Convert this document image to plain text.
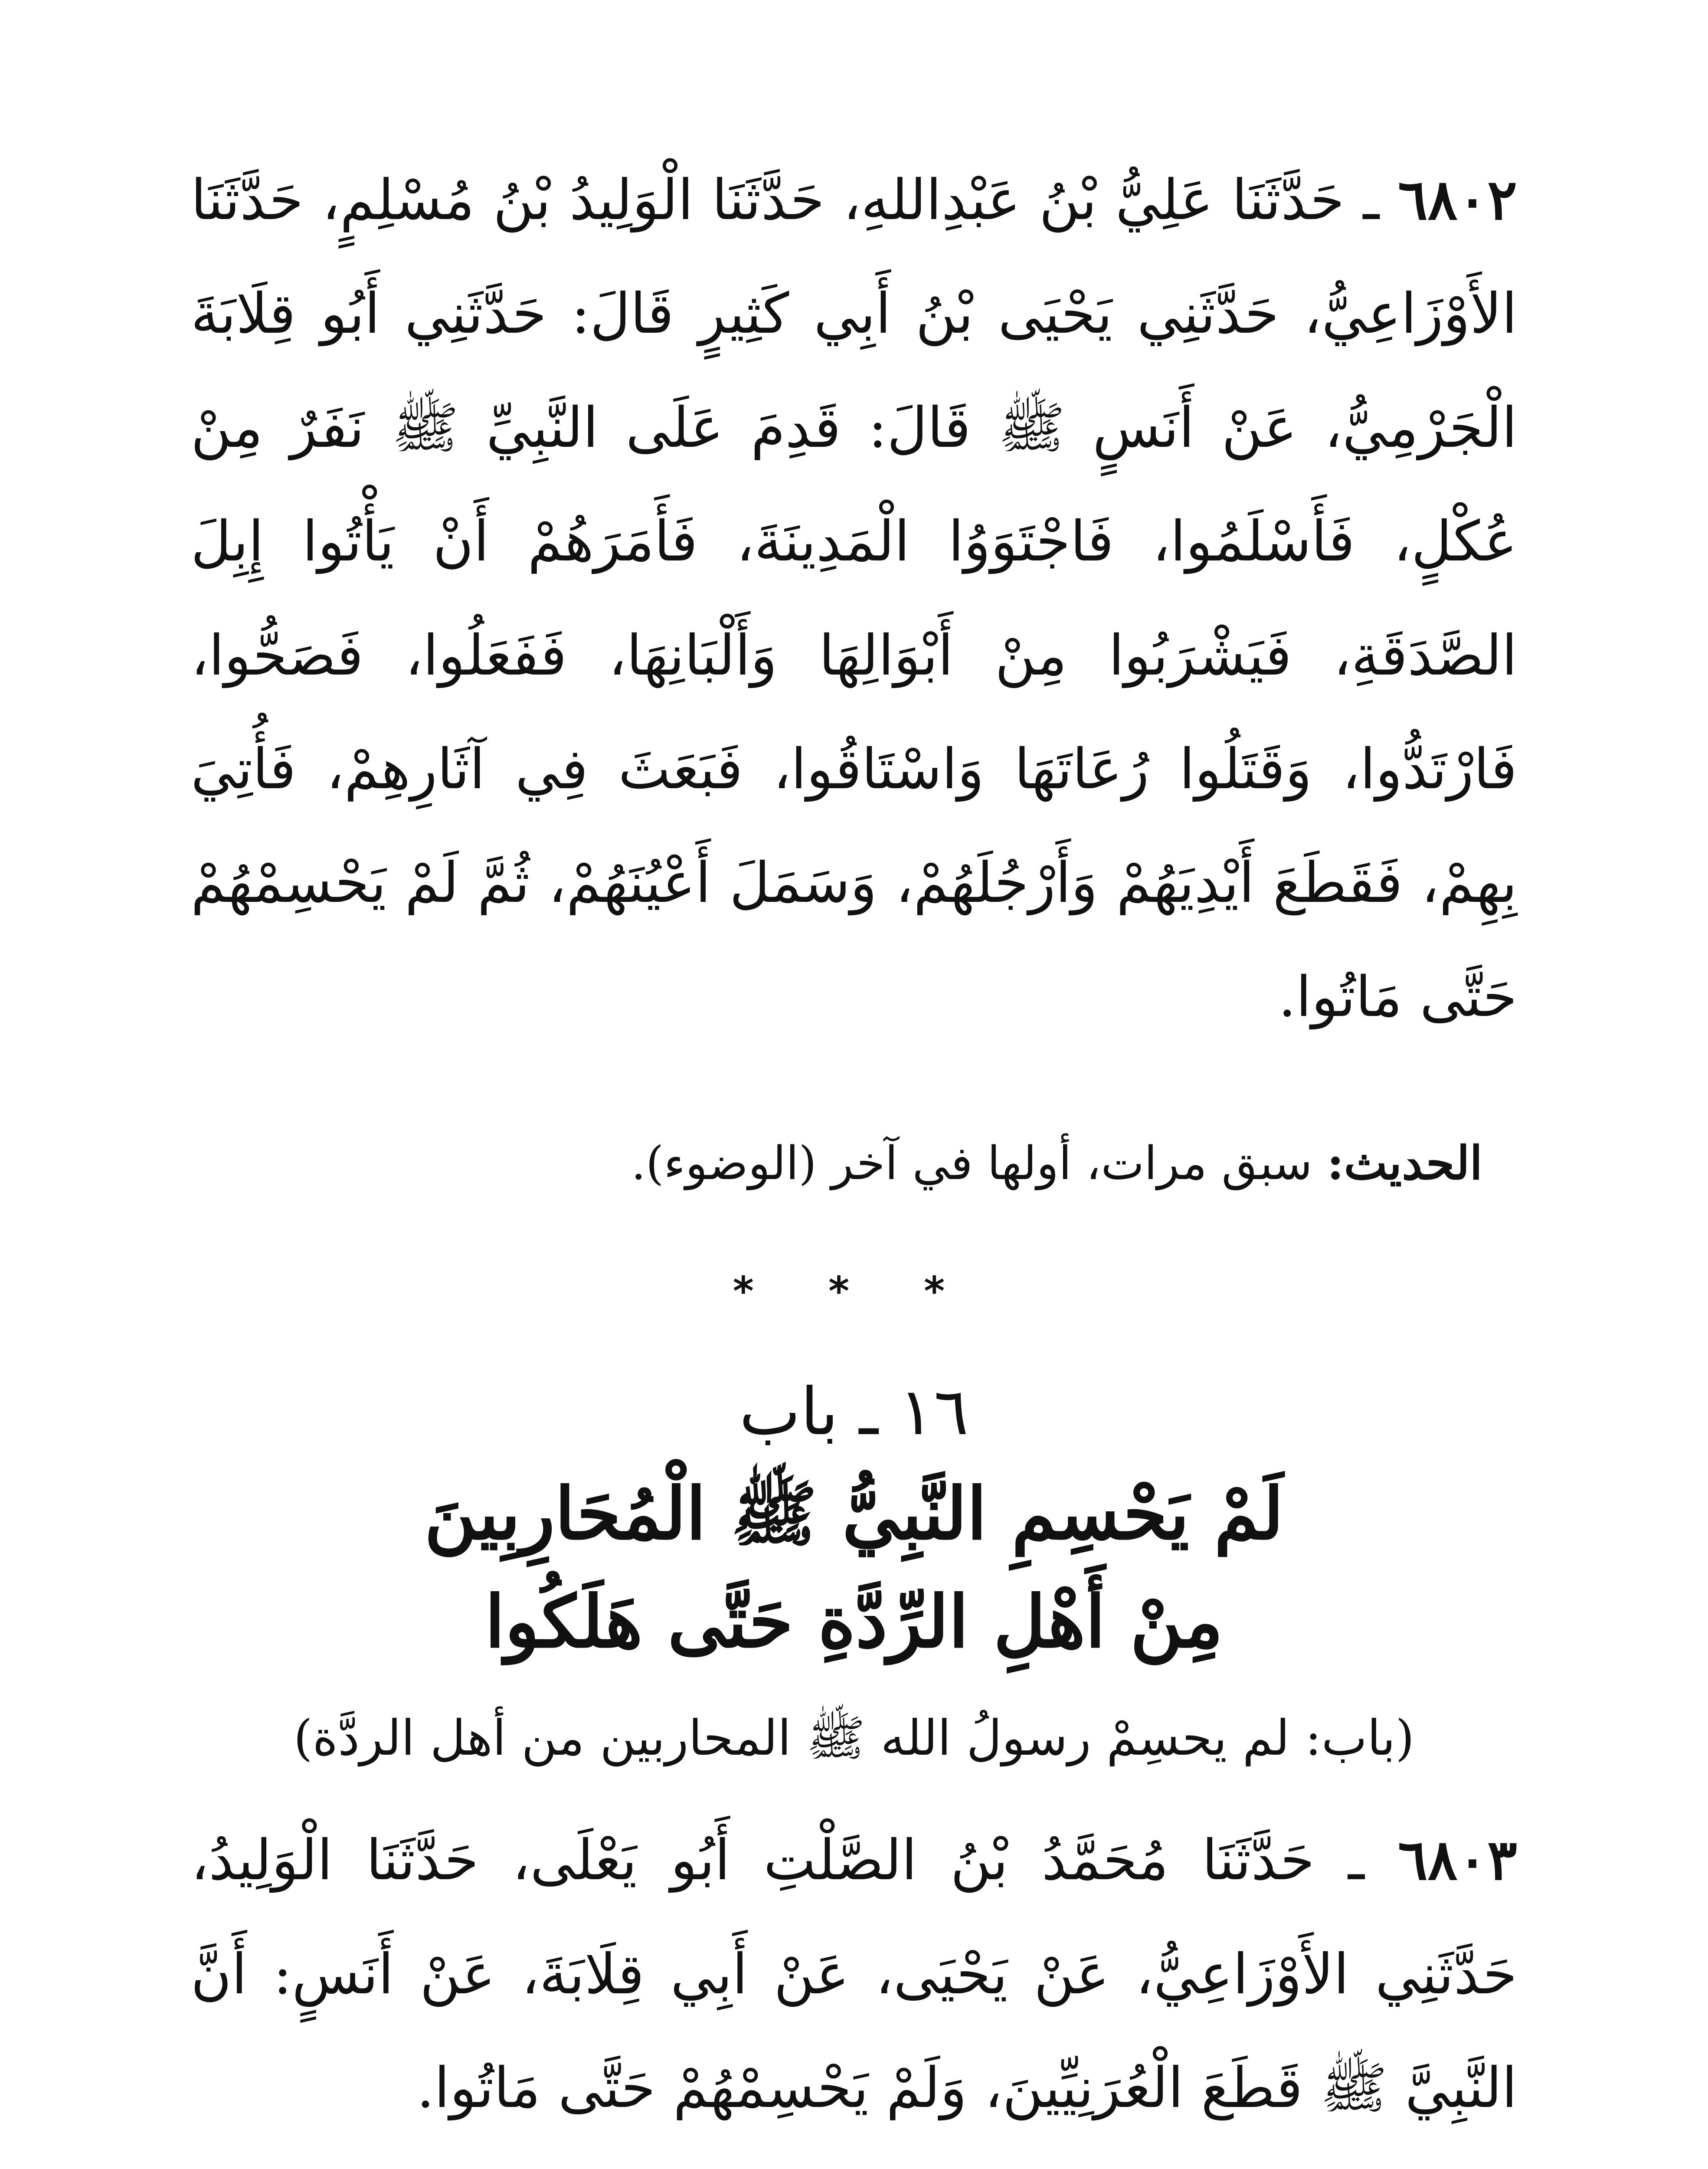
٦٨٠٢ ـ حَدَّثَنَا عَلِيُّ بْنُ عَبْدِاللهِ، حَدَّثَنَا الْوَلِيدُ بْنُ مُسْلِمٍ، حَدَّثَنَا الأَوْزَاعِيُّ، حَدَّثَنِي يَحْيَى بْنُ أَبِي كَثِيرٍ قَالَ: حَدَّثَنِي أَبُو قِلَابَةَ الْجَرْمِيُّ، عَنْ أَنَسٍ ﷺ قَالَ: قَدِمَ عَلَى النَّبِيِّ ﷺ نَفَرٌ مِنْ عُكْلٍ، فَأَسْلَمُوا، فَاجْتَوَوُا الْمَدِينَةَ، فَأَمَرَهُمْ أَنْ يَأْتُوا إِبِلَ الصَّدَقَةِ، فَيَشْرَبُوا مِنْ أَبْوَالِهَا وَأَلْبَانِهَا، فَفَعَلُوا، فَصَحُّوا، فَارْتَدُّوا، وَقَتَلُوا رُعَاتَهَا وَاسْتَاقُوا، فَبَعَثَ فِي آثَارِهِمْ، فَأُتِيَ بِهِمْ، فَقَطَعَ أَيْدِيَهُمْ وَأَرْجُلَهُمْ، وَسَمَلَ أَعْيُنَهُمْ، ثُمَّ لَمْ يَحْسِمْهُمْ حَتَّى مَاتُوا.

الحديث: سبق مرات، أولها في آخر (الوضوء).

* * *
١٦ ـ باب
لَمْ يَحْسِمِ النَّبِيُّ ﷺ الْمُحَارِبِينَ
مِنْ أَهْلِ الرِّدَّةِ حَتَّى هَلَكُوا
(باب: لم يحسِمْ رسولُ الله ﷺ المحاربين من أهل الردَّة)

٦٨٠٣ ـ حَدَّثَنَا مُحَمَّدُ بْنُ الصَّلْتِ أَبُو يَعْلَى، حَدَّثَنَا الْوَلِيدُ، حَدَّثَنِي الأَوْزَاعِيُّ، عَنْ يَحْيَى، عَنْ أَبِي قِلَابَةَ، عَنْ أَنَسٍ: أَنَّ النَّبِيَّ ﷺ قَطَعَ الْعُرَنِيِّينَ، وَلَمْ يَحْسِمْهُمْ حَتَّى مَاتُوا.
